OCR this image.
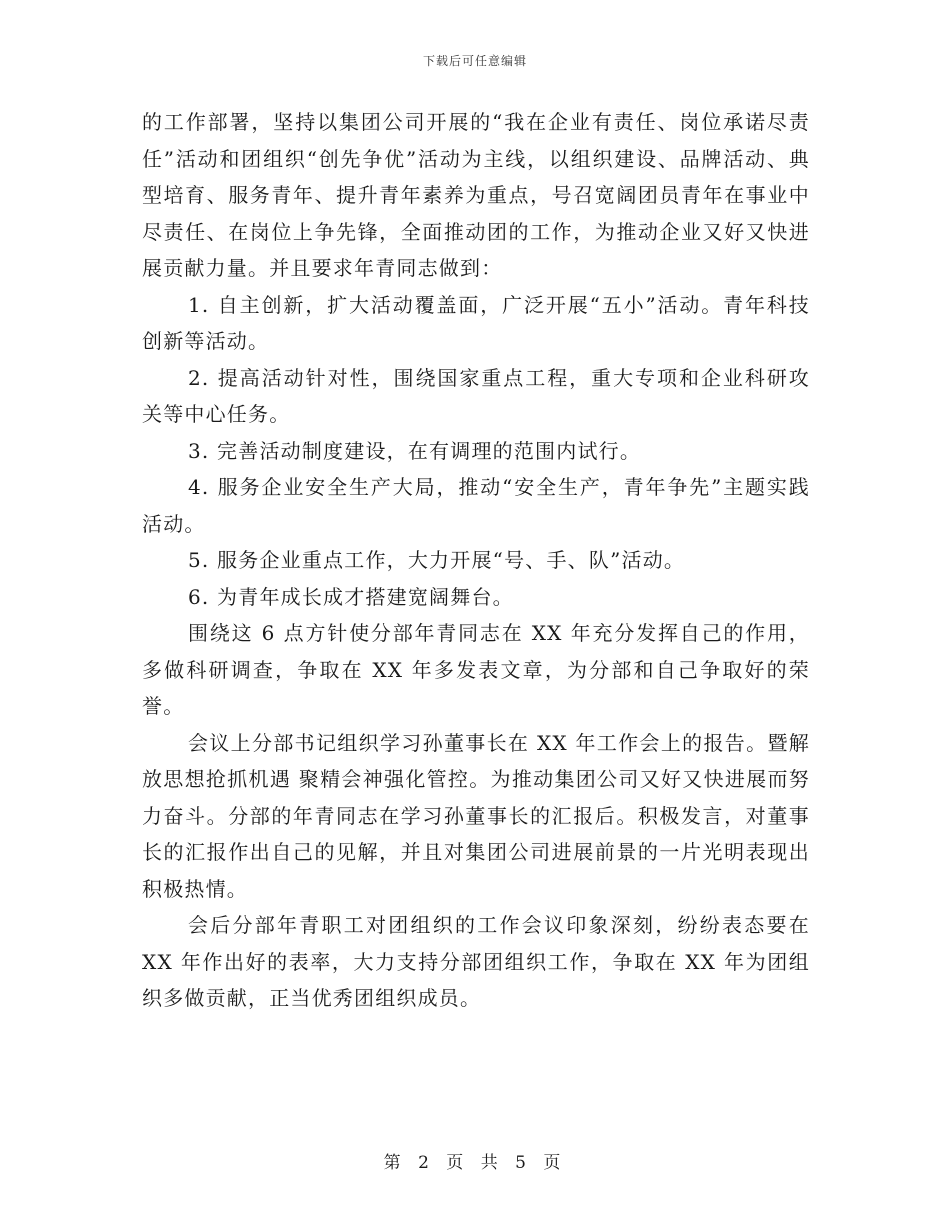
下载后可任意编辑

的工作部署，坚持以集团公司开展的“我在企业有责任、岗位承诺尽责任”活动和团组织“创先争优”活动为主线，以组织建设、品牌活动、典型培育、服务青年、提升青年素养为重点，号召宽阔团员青年在事业中尽责任、在岗位上争先锋，全面推动团的工作，为推动企业又好又快进展贡献力量。并且要求年青同志做到：

1. 自主创新，扩大活动覆盖面，广泛开展“五小”活动。青年科技创新等活动。

2. 提高活动针对性，围绕国家重点工程，重大专项和企业科研攻关等中心任务。

3. 完善活动制度建设，在有调理的范围内试行。

4. 服务企业安全生产大局，推动“安全生产，青年争先”主题实践活动。

5. 服务企业重点工作，大力开展“号、手、队”活动。

6. 为青年成长成才搭建宽阔舞台。

围绕这 6 点方针使分部年青同志在 XX 年充分发挥自己的作用，多做科研调查，争取在 XX 年多发表文章，为分部和自己争取好的荣誉。

会议上分部书记组织学习孙董事长在 XX 年工作会上的报告。暨解放思想抢抓机遇 聚精会神强化管控。为推动集团公司又好又快进展而努力奋斗。分部的年青同志在学习孙董事长的汇报后。积极发言，对董事长的汇报作出自己的见解，并且对集团公司进展前景的一片光明表现出积极热情。

会后分部年青职工对团组织的工作会议印象深刻，纷纷表态要在 XX 年作出好的表率，大力支持分部团组织工作，争取在 XX 年为团组织多做贡献，正当优秀团组织成员。

第 2 页 共 5 页
